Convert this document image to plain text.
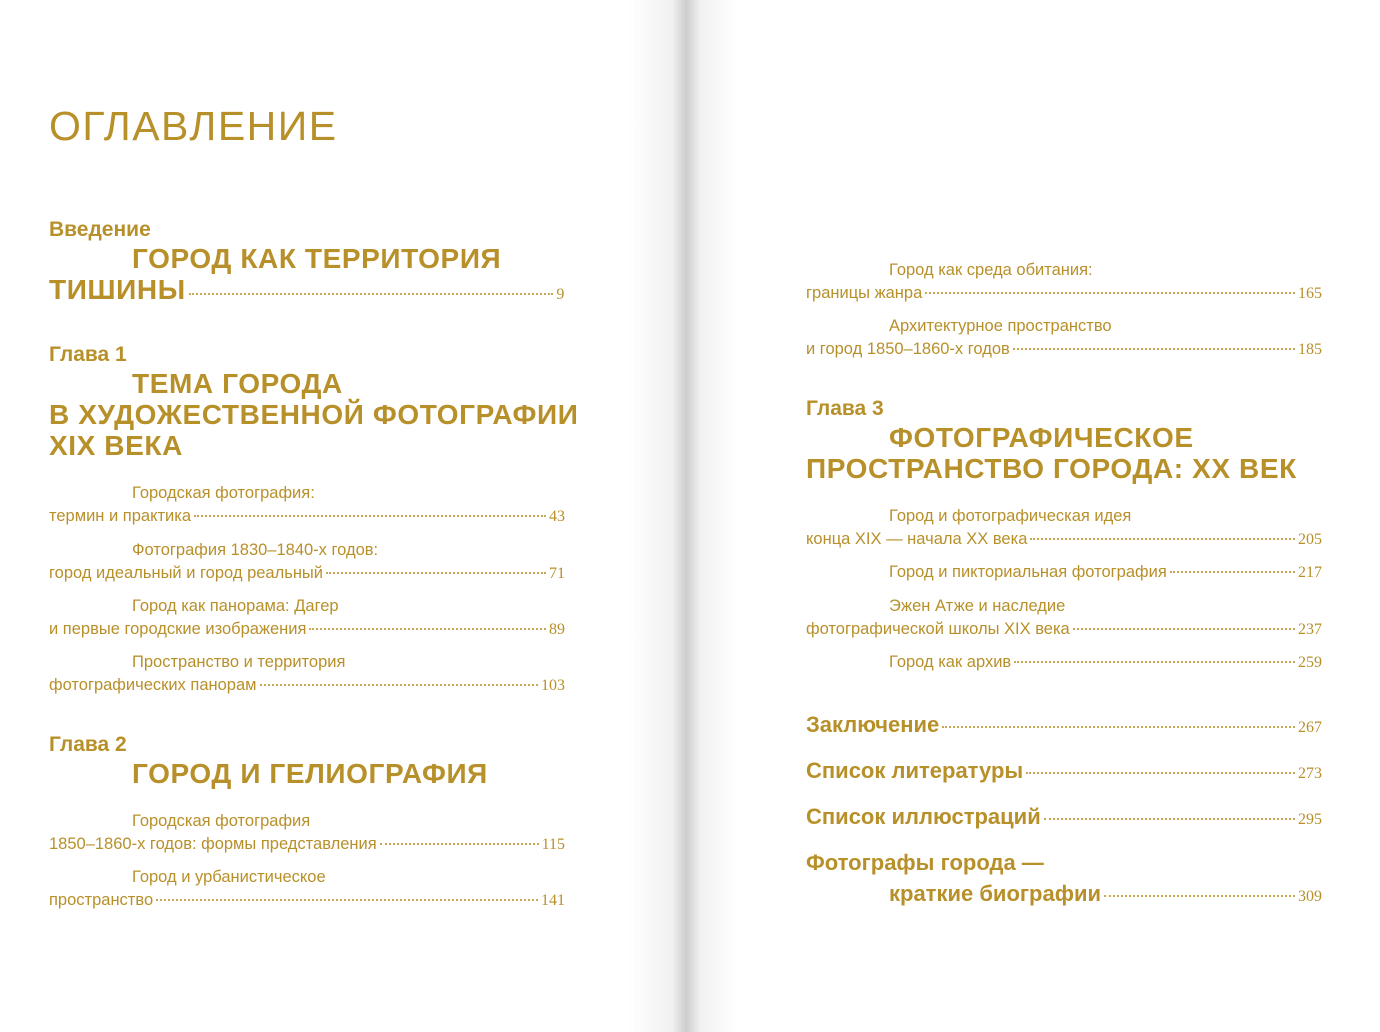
ОГЛАВЛЕНИЕ
Введение
ГОРОД КАК ТЕРРИТОРИЯ
ТИШИНЫ	9
Глава 1
ТЕМА ГОРОДА
В ХУДОЖЕСТВЕННОЙ ФОТОГРАФИИ
XIX ВЕКА
Городская фотография:
термин и практика	43
Фотография 1830–1840-х годов:
город идеальный и город реальный	71
Город как панорама: Дагер
и первые городские изображения	89
Пространство и территория
фотографических панорам	103
Глава 2
ГОРОД И ГЕЛИОГРАФИЯ
Городская фотография
1850–1860-х годов: формы представления	115
Город и урбанистическое
пространство	141
Город как среда обитания:
границы жанра	165
Архитектурное пространство
и город 1850–1860-х годов	185
Глава 3
ФОТОГРАФИЧЕСКОЕ
ПРОСТРАНСТВО ГОРОДА: XX ВЕК
Город и фотографическая идея
конца XIX — начала XX века	205
Город и пикториальная фотография	217
Эжен Атже и наследие
фотографической школы XIX века	237
Город как архив	259
Заключение	267
Список литературы	273
Список иллюстраций	295
Фотографы города —
краткие биографии	309
